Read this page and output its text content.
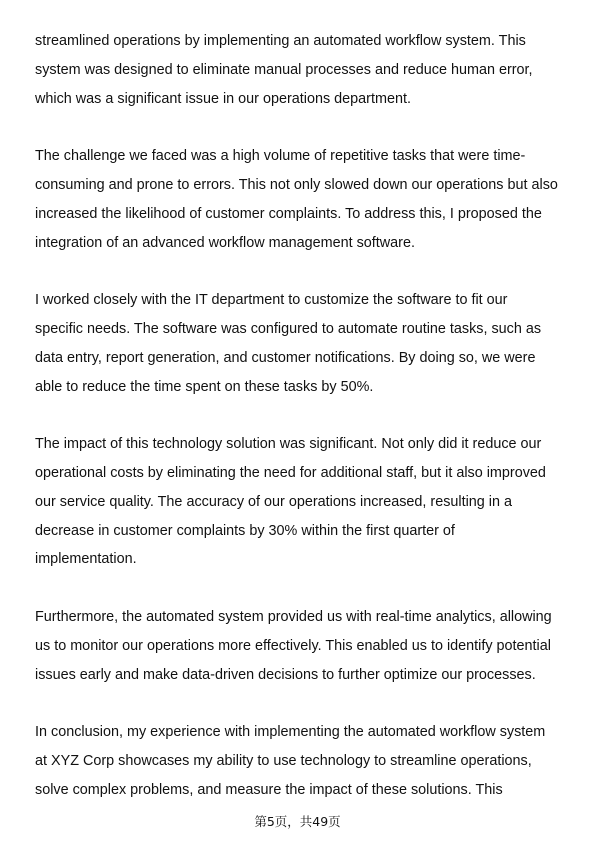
streamlined operations by implementing an automated workflow system. This
system was designed to eliminate manual processes and reduce human error,
which was a significant issue in our operations department.

The challenge we faced was a high volume of repetitive tasks that were time-
consuming and prone to errors. This not only slowed down our operations but also
increased the likelihood of customer complaints. To address this, I proposed the
integration of an advanced workflow management software.

I worked closely with the IT department to customize the software to fit our
specific needs. The software was configured to automate routine tasks, such as
data entry, report generation, and customer notifications. By doing so, we were
able to reduce the time spent on these tasks by 50%.

The impact of this technology solution was significant. Not only did it reduce our
operational costs by eliminating the need for additional staff, but it also improved
our service quality. The accuracy of our operations increased, resulting in a
decrease in customer complaints by 30% within the first quarter of
implementation.

Furthermore, the automated system provided us with real-time analytics, allowing
us to monitor our operations more effectively. This enabled us to identify potential
issues early and make data-driven decisions to further optimize our processes.

In conclusion, my experience with implementing the automated workflow system
at XYZ Corp showcases my ability to use technology to streamline operations,
solve complex problems, and measure the impact of these solutions. This

第5页，共49页
